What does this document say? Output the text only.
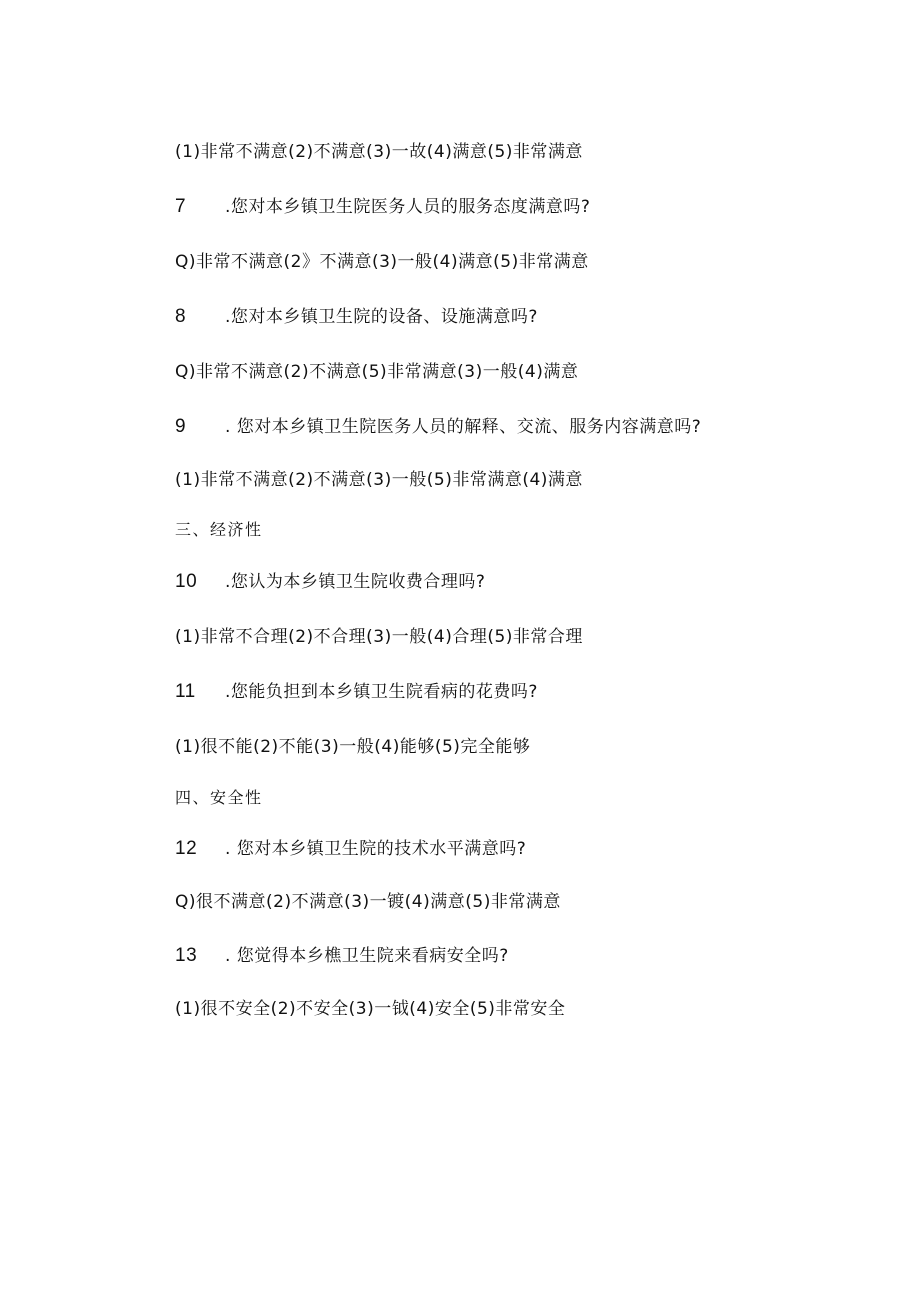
(1)非常不满意(2)不满意(3)一故(4)满意(5)非常满意
7 .您对本乡镇卫生院医务人员的服务态度满意吗?
Q)非常不满意(2》不满意(3)一般(4)满意(5)非常满意
8 .您对本乡镇卫生院的设备、设施满意吗?
Q)非常不满意(2)不满意(5)非常满意(3)一般(4)满意
9 . 您对本乡镇卫生院医务人员的解释、交流、服务内容满意吗?
(1)非常不满意(2)不满意(3)一般(5)非常满意(4)满意
三、经济性
10 .您认为本乡镇卫生院收费合理吗?
(1)非常不合理(2)不合理(3)一般(4)合理(5)非常合理
11 .您能负担到本乡镇卫生院看病的花费吗?
(1)很不能(2)不能(3)一般(4)能够(5)完全能够
四、安全性
12 . 您对本乡镇卫生院的技术水平满意吗?
Q)很不满意(2)不满意(3)一镀(4)满意(5)非常满意
13 . 您觉得本乡樵卫生院来看病安全吗?
(1)很不安全(2)不安全(3)一钺(4)安全(5)非常安全
